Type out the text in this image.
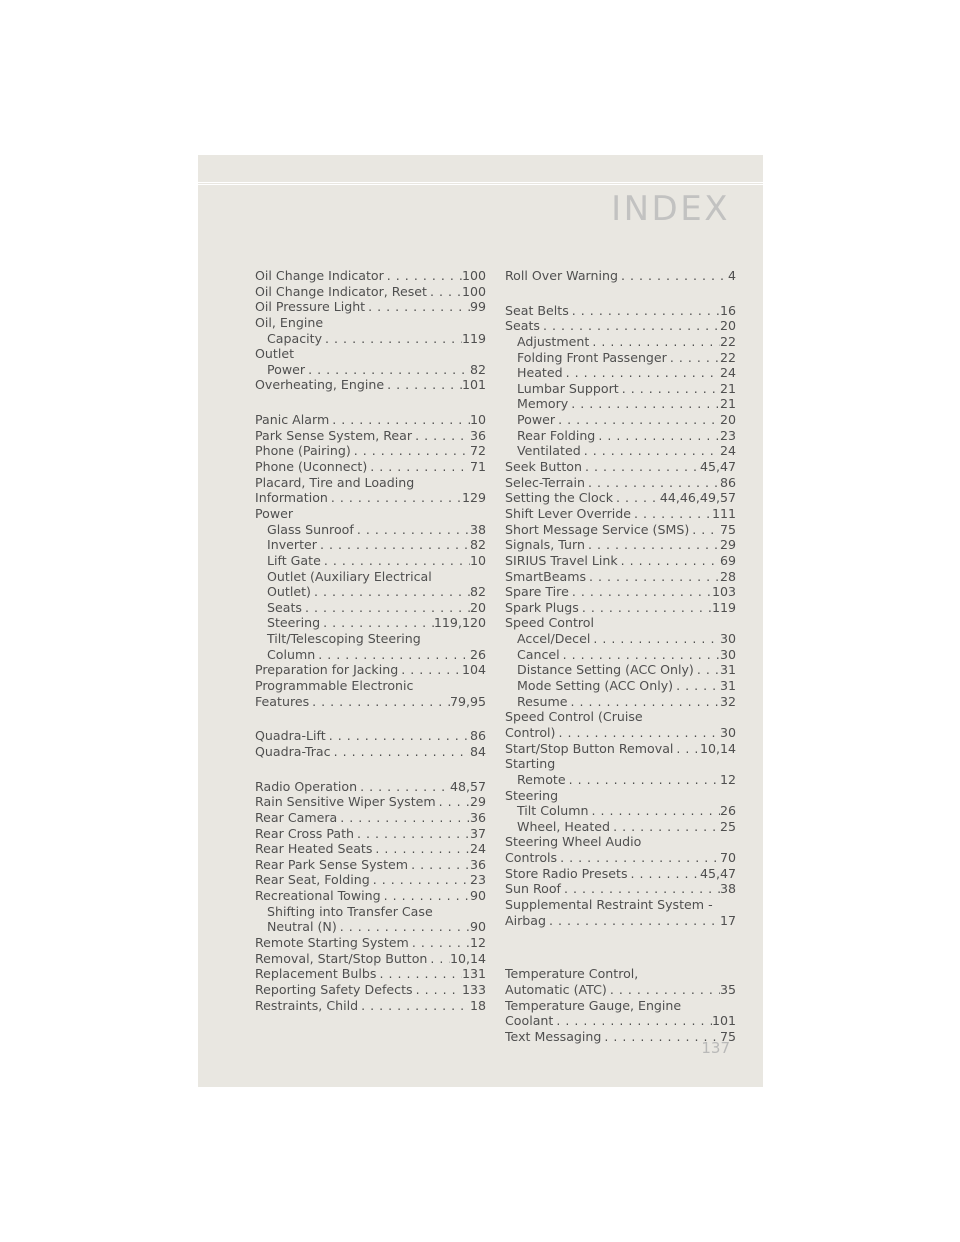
INDEX
Oil Change Indicator . . .	100
Oil Change Indicator, Reset . . .	100
Oil Pressure Light . . .	99
Oil, Engine
Capacity . . .	119
Outlet
Power . . .	82
Overheating, Engine . . .	101
Panic Alarm . . .	10
Park Sense System, Rear . . .	36
Phone (Pairing) . . .	72
Phone (Uconnect) . . .	71
Placard, Tire and Loading
Information . . .	129
Power
Glass Sunroof . . .	38
Inverter . . .	82
Lift Gate . . .	10
Outlet (Auxiliary Electrical
Outlet) . . .	82
Seats . . .	20
Steering . . .	119,120
Tilt/Telescoping Steering
Column . . .	26
Preparation for Jacking . . .	104
Programmable Electronic
Features . . .	79,95
Quadra-Lift . . .	86
Quadra-Trac . . .	84
Radio Operation . . .	48,57
Rain Sensitive Wiper System . . .	29
Rear Camera . . .	36
Rear Cross Path . . .	37
Rear Heated Seats . . .	24
Rear Park Sense System . . .	36
Rear Seat, Folding . . .	23
Recreational Towing . . .	90
Shifting into Transfer Case
Neutral (N) . . .	90
Remote Starting System . . .	12
Removal, Start/Stop Button . . . 10,14
Replacement Bulbs . . .	131
Reporting Safety Defects . . .	133
Restraints, Child . . .	18
Roll Over Warning . . .	4
Seat Belts . . .	16
Seats . . .	20
Adjustment . . .	22
Folding Front Passenger . . .	22
Heated . . .	24
Lumbar Support . . .	21
Memory . . .	21
Power . . .	20
Rear Folding . . .	23
Ventilated . . .	24
Seek Button . . .	45,47
Selec-Terrain . . .	86
Setting the Clock . . .	44,46,49,57
Shift Lever Override . . .	111
Short Message Service (SMS) . . . 75
Signals, Turn . . .	29
SIRIUS Travel Link . . .	69
SmartBeams . . .	28
Spare Tire . . .	103
Spark Plugs . . .	119
Speed Control
Accel/Decel . . .	30
Cancel . . .	30
Distance Setting (ACC Only) . . . 31
Mode Setting (ACC Only) . . .	31
Resume . . .	32
Speed Control (Cruise
Control) . . .	30
Start/Stop Button Removal . . . 10,14
Starting
Remote . . .	12
Steering
Tilt Column . . .	26
Wheel, Heated . . .	25
Steering Wheel Audio
Controls . . .	70
Store Radio Presets . . .	45,47
Sun Roof . . .	38
Supplemental Restraint System -
Airbag . . .	17
Temperature Control,
Automatic (ATC) . . .	35
Temperature Gauge, Engine
Coolant . . .	101
Text Messaging . . .	75
137
